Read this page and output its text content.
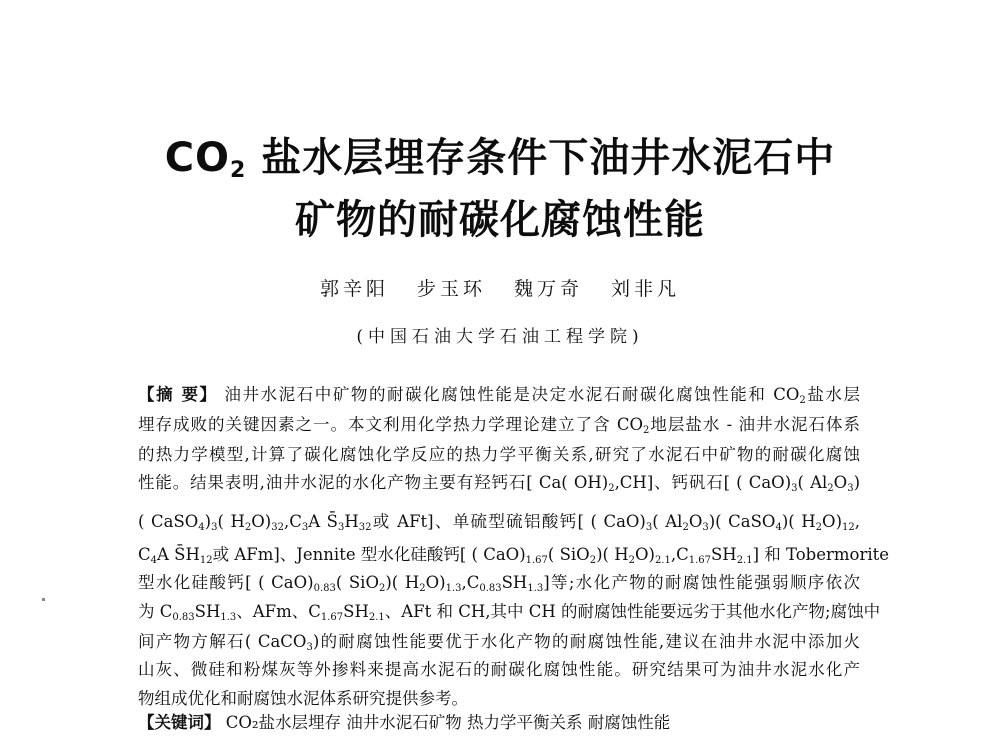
$CO_2$ 盐水层埋存条件下油井水泥石中
矿物的耐碳化腐蚀性能
郭辛阳 步玉环 魏万奇 刘非凡
(中国石油大学石油工程学院)
【摘 要】 油井水泥石中矿物的耐碳化腐蚀性能是决定水泥石耐碳化腐蚀性能和 $CO_2$盐水层
埋存成败的关键因素之一。本文利用化学热力学理论建立了含 $CO_2$地层盐水 - 油井水泥石体系
的热力学模型,计算了碳化腐蚀化学反应的热力学平衡关系,研究了水泥石中矿物的耐碳化腐蚀
性能。结果表明,油井水泥的水化产物主要有羟钙石[ Ca( $OH)_2,CH$]、钙矾石[ ( $CaO)_3$( $Al_2O_3$)
( $CaSO_4)_3$( $H_2O)_{32},C_3A$ $S̄_3H_{32}$或 AFt]、单硫型硫铝酸钙[ ( $CaO)_3$( $Al_2O_3$)( CaSO$_4$)( $H_2O)_{12}$,
$C_4A$ $S̄H_{12}$或 AFm]、Jennite 型水化硅酸钙[ ( $CaO)_{1.67}$( SiO$_2$)( $H_2O)_{2.1},C_{1.67}SH_{2.1}$] 和 Tobermorite
型水化硅酸钙[ ( $CaO)_{0.83}$( SiO$_2$)( $H_2O)_{1.3},C_{0.83}SH_{1.3}$]等;水化产物的耐腐蚀性能强弱顺序依次
为 $C_{0.83}SH_{1.3}$、AFm、$C_{1.67}SH_{2.1}$、AFt 和 CH,其中 CH 的耐腐蚀性能要远劣于其他水化产物;腐蚀中
间产物方解石( CaCO$_3$)的耐腐蚀性能要优于水化产物的耐腐蚀性能,建议在油井水泥中添加火
山灰、微硅和粉煤灰等外掺料来提高水泥石的耐碳化腐蚀性能。研究结果可为油井水泥水化产
物组成优化和耐腐蚀水泥体系研究提供参考。
【关键词】 CO₂盐水层埋存 油井水泥石矿物 热力学平衡关系 耐腐蚀性能
